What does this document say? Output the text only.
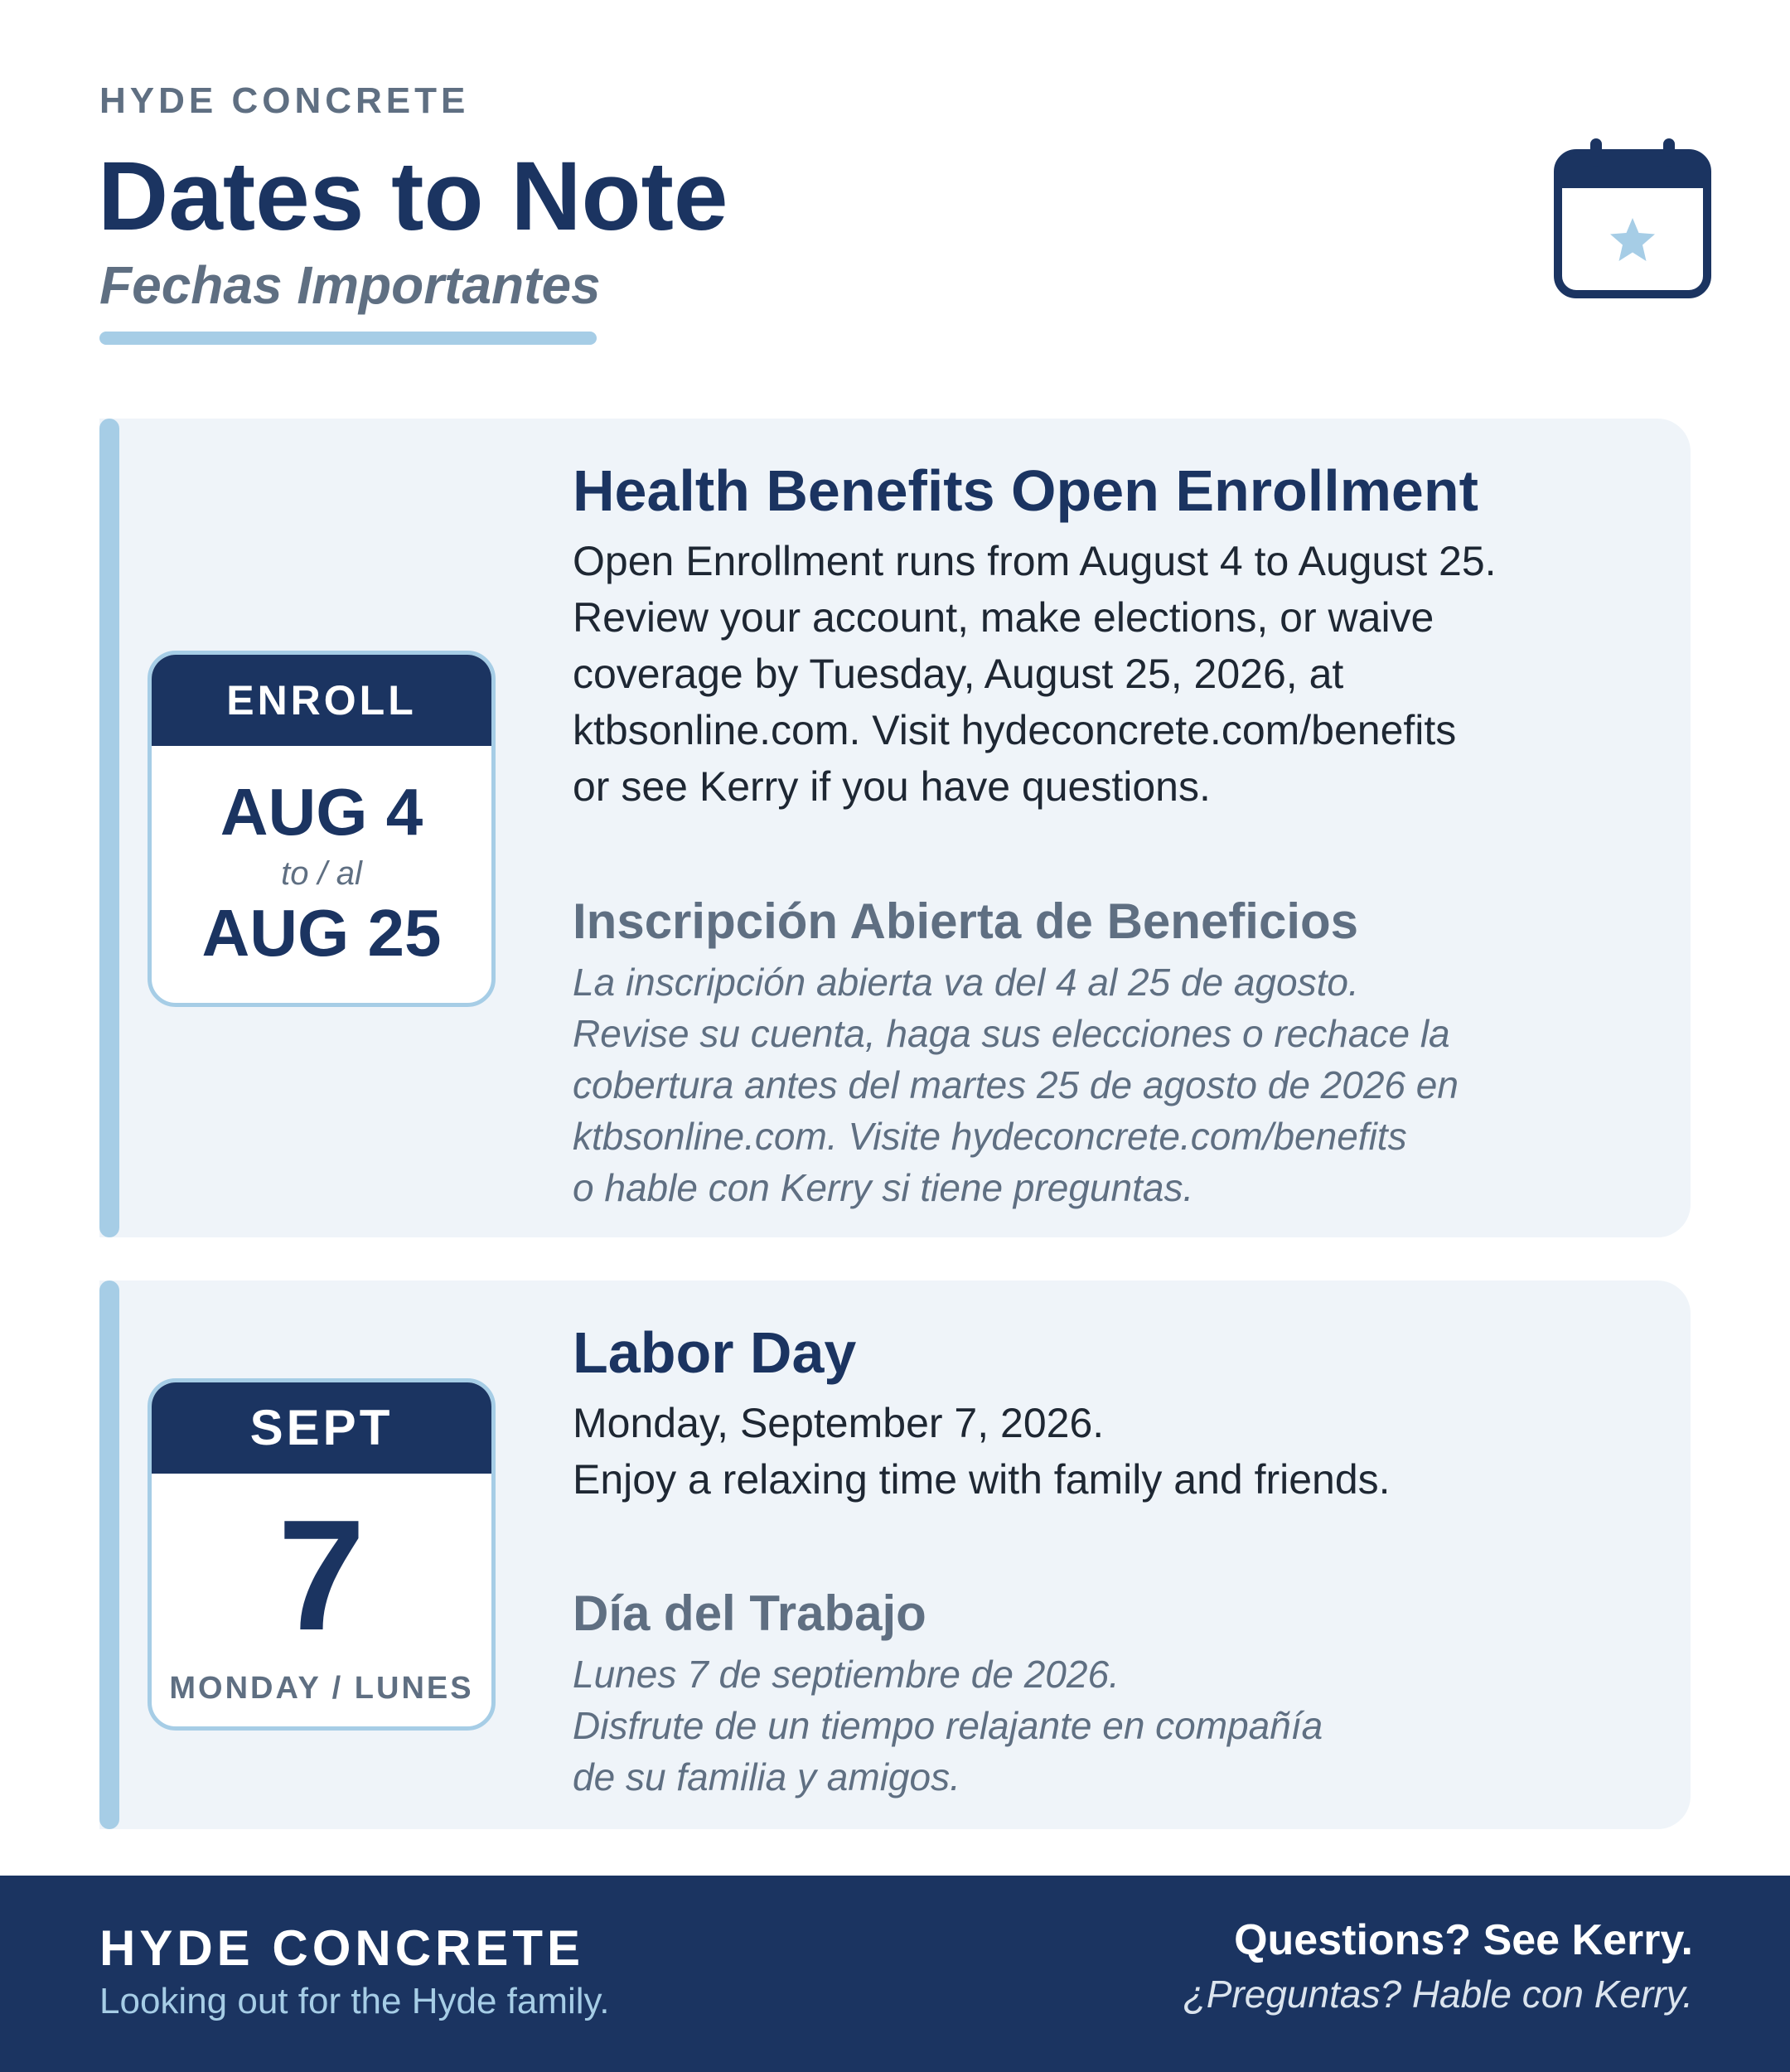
HYDE CONCRETE
Dates to Note
Fechas Importantes
ENROLL
AUG 4
to / al
AUG 25
Health Benefits Open Enrollment

Open Enrollment runs from August 4 to August 25.

Review your account, make elections, or waive

coverage by Tuesday, August 25, 2026, at

ktbsonline.com. Visit hydeconcrete.com/benefits

or see Kerry if you have questions.

Inscripción Abierta de Beneficios

La inscripción abierta va del 4 al 25 de agosto.

Revise su cuenta, haga sus elecciones o rechace la

cobertura antes del martes 25 de agosto de 2026 en

ktbsonline.com. Visite hydeconcrete.com/benefits

o hable con Kerry si tiene preguntas.

SEPT
7
MONDAY / LUNES
Labor Day

Monday, September 7, 2026.

Enjoy a relaxing time with family and friends.

Día del Trabajo

Lunes 7 de septiembre de 2026.

Disfrute de un tiempo relajante en compañía

de su familia y amigos.

HYDE CONCRETE
Looking out for the Hyde family.
Questions? See Kerry.
¿Preguntas? Hable con Kerry.
